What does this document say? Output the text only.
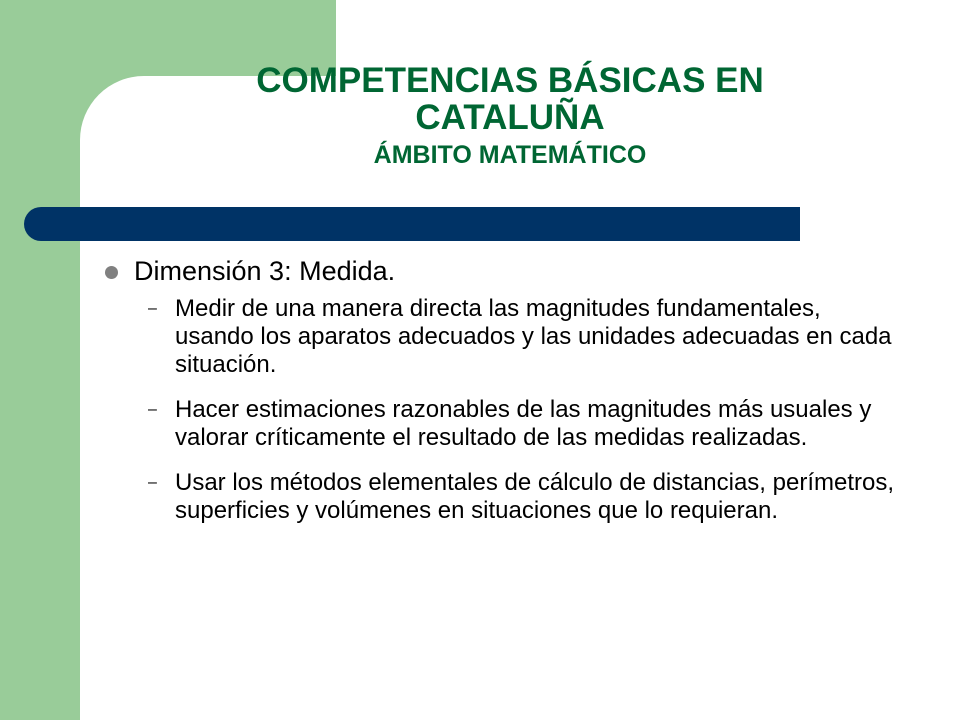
COMPETENCIAS BÁSICAS EN
CATALUÑA
ÁMBITO MATEMÁTICO
Dimensión 3: Medida.
– Medir de una manera directa las magnitudes fundamentales, usando los aparatos adecuados y las unidades adecuadas en cada situación.
– Hacer estimaciones razonables de las magnitudes más usuales y valorar críticamente el resultado de las medidas realizadas.
– Usar los métodos elementales de cálculo de distancias, perímetros, superficies y volúmenes en situaciones que lo requieran.
